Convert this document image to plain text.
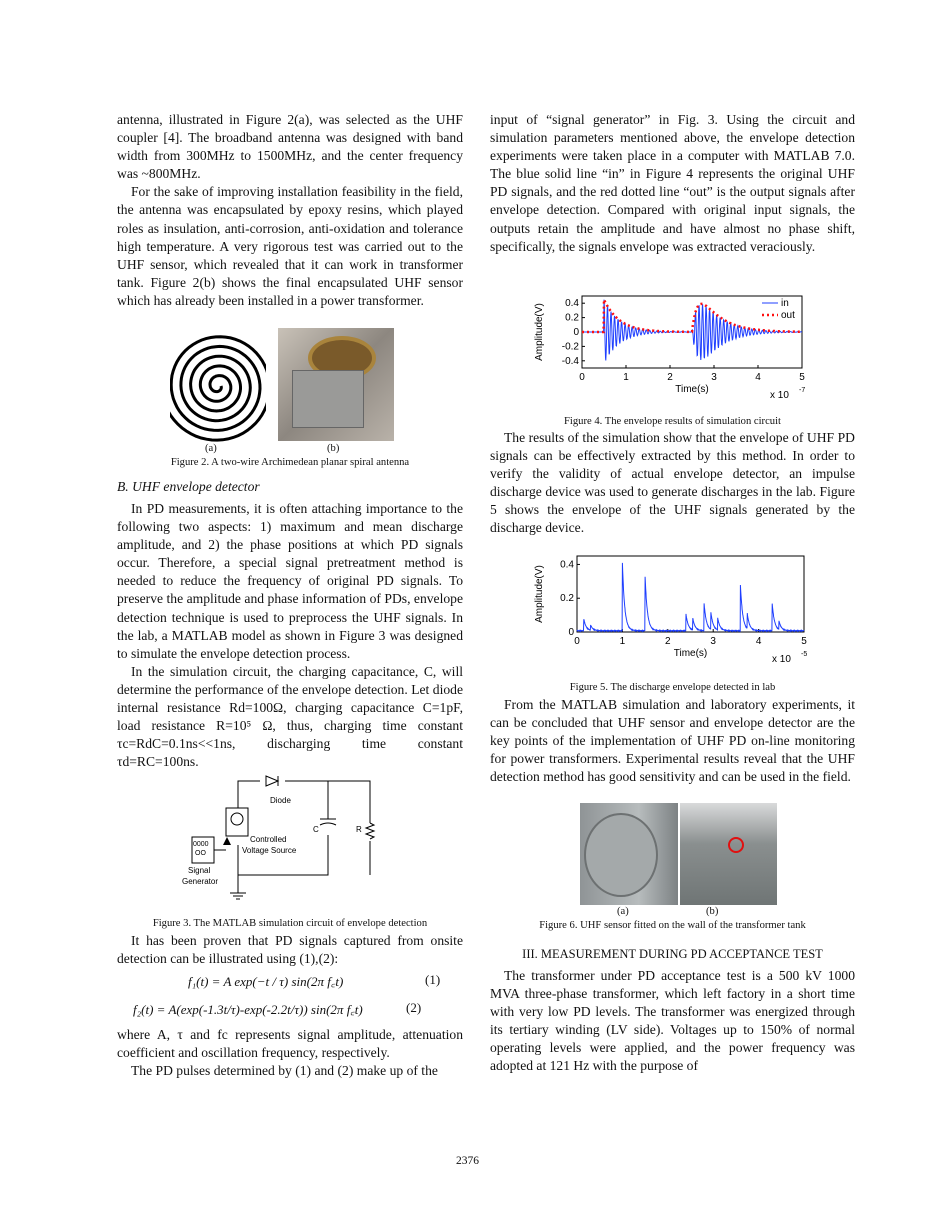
antenna, illustrated in Figure 2(a), was selected as the UHF coupler [4]. The broadband antenna was designed with band width from 300MHz to 1500MHz, and the center frequency was ~800MHz.

For the sake of improving installation feasibility in the field, the antenna was encapsulated by epoxy resins, which played roles as insulation, anti-corrosion, anti-oxidation and tolerance high temperature. A very rigorous test was carried out to the UHF sensor, which revealed that it can work in transformer tank. Figure 2(b) shows the final encapsulated UHF sensor which has already been installed in a power transformer.

(a)	(b)
Figure 2. A two-wire Archimedean planar spiral antenna
B. UHF envelope detector

In PD measurements, it is often attaching importance to the following two aspects: 1) maximum and mean discharge amplitude, and 2) the phase positions at which PD signals occur. Therefore, a special signal pretreatment method is needed to reduce the frequency of original PD signals. To preserve the amplitude and phase information of PDs, envelope detection technique is used to preprocess the UHF signals. In the lab, a MATLAB model as shown in Figure 3 was designed to simulate the envelope detection process.

In the simulation circuit, the charging capacitance, C, will determine the performance of the envelope detection. Let diode internal resistance Rd=100Ω, charging capacitance C=1pF, load resistance R=10⁵ Ω, thus, charging time constant τc=RdC=0.1ns<<1ns, discharging time constant τd=RC=100ns.

Diode
C	R
Controlled
Voltage Source
0000
OO
Signal
Generator
Figure 3. The MATLAB simulation circuit of envelope detection

It has been proven that PD signals captured from onsite detection can be illustrated using (1),(2):

f₁(t) = A exp(−t / τ) sin(2π f꜀t)	(1)
f₂(t) = A(exp(-1.3t/τ)-exp(-2.2t/τ)) sin(2π f꜀t)	(2)

where A, τ and fc represents signal amplitude, attenuation coefficient and oscillation frequency, respectively.

The PD pulses determined by (1) and (2) make up of the

input of “signal generator” in Fig. 3. Using the circuit and simulation parameters mentioned above, the envelope detection experiments were taken place in a computer with MATLAB 7.0. The blue solid line “in” in Figure 4 represents the original UHF PD signals, and the red dotted line “out” is the output signals after envelope detection. Compared with original input signals, the outputs retain the amplitude and have almost no phase shift, specifically, the signals envelope was extracted veraciously.

0	1	2	3	4	5
0.4
0.2
0
-0.2
-0.4
Time(s)
Amplitude(V)
x 10 -7
in
out
Figure 4. The envelope results of simulation circuit

The results of the simulation show that the envelope of UHF PD signals can be effectively extracted by this method. In order to verify the validity of actual envelope detector, an impulse discharge device was used to generate discharges in the lab. Figure 5 shows the envelope of the UHF signals generated by the discharge device.

0	1	2	3	4	5
0.4
0.2
0
Time(s)
Amplitude(V)
x 10 -5
Figure 5. The discharge envelope detected in lab

From the MATLAB simulation and laboratory experiments, it can be concluded that UHF sensor and envelope detector are the key points of the implementation of UHF PD on-line monitoring for power transformers. Experimental results reveal that the UHF detection method has good sensitivity and can be used in the field.

(a)	(b)
Figure 6. UHF sensor fitted on the wall of the transformer tank
III. MEASUREMENT DURING PD ACCEPTANCE TEST

The transformer under PD acceptance test is a 500 kV 1000 MVA three-phase transformer, which left factory in a short time with very low PD levels. The transformer was energized through its tertiary winding (LV side). Voltages up to 150% of normal operating levels were applied, and the power frequency was adopted at 121 Hz with the purpose of

2376
